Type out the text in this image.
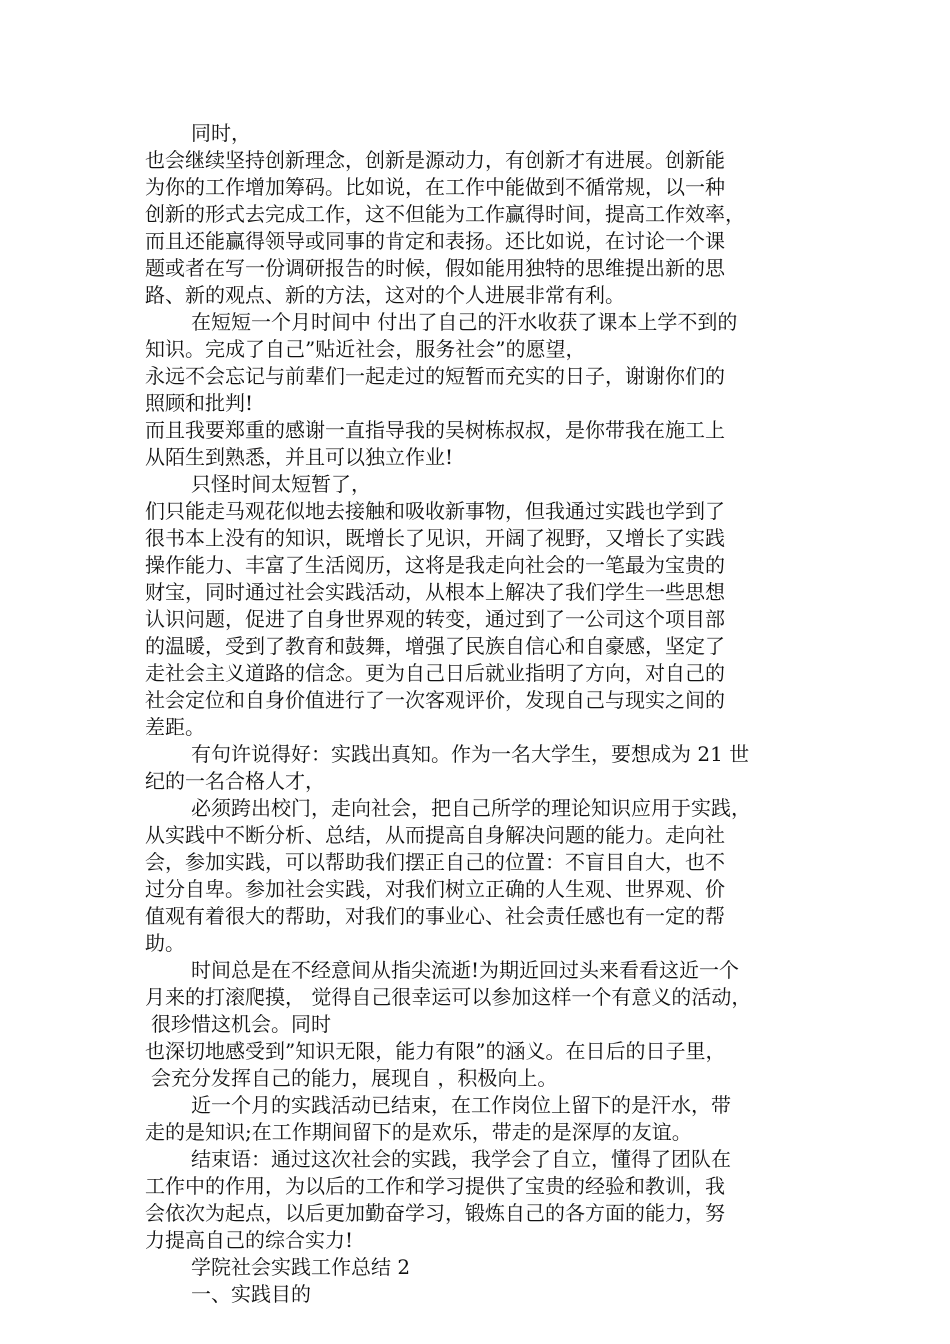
同时，
也会继续坚持创新理念，创新是源动力，有创新才有进展。创新能
为你的工作增加筹码。比如说，在工作中能做到不循常规，以一种
创新的形式去完成工作，这不但能为工作赢得时间，提高工作效率，
而且还能赢得领导或同事的肯定和表扬。还比如说，在讨论一个课
题或者在写一份调研报告的时候，假如能用独特的思维提出新的思
路、新的观点、新的方法，这对的个人进展非常有利。
在短短一个月时间中 付出了自己的汗水收获了课本上学不到的
知识。完成了自己”贴近社会，服务社会”的愿望，
永远不会忘记与前辈们一起走过的短暂而充实的日子，谢谢你们的
照顾和批判!
而且我要郑重的感谢一直指导我的吴树栋叔叔，是你带我在施工上
从陌生到熟悉，并且可以独立作业!
只怪时间太短暂了，
们只能走马观花似地去接触和吸收新事物，但我通过实践也学到了
很书本上没有的知识，既增长了见识，开阔了视野，又增长了实践
操作能力、丰富了生活阅历，这将是我走向社会的一笔最为宝贵的
财宝，同时通过社会实践活动，从根本上解决了我们学生一些思想
认识问题，促进了自身世界观的转变，通过到了一公司这个项目部
的温暖，受到了教育和鼓舞，增强了民族自信心和自豪感，坚定了
走社会主义道路的信念。更为自己日后就业指明了方向，对自己的
社会定位和自身价值进行了一次客观评价，发现自己与现实之间的
差距。
有句许说得好：实践出真知。作为一名大学生，要想成为 21 世
纪的一名合格人才，
必须跨出校门，走向社会，把自己所学的理论知识应用于实践，
从实践中不断分析、总结，从而提高自身解决问题的能力。走向社
会，参加实践，可以帮助我们摆正自己的位置：不盲目自大，也不
过分自卑。参加社会实践，对我们树立正确的人生观、世界观、价
值观有着很大的帮助，对我们的事业心、社会责任感也有一定的帮
助。
时间总是在不经意间从指尖流逝!为期近回过头来看看这近一个
月来的打滚爬摸， 觉得自己很幸运可以参加这样一个有意义的活动，
很珍惜这机会。同时
也深切地感受到”知识无限，能力有限”的涵义。在日后的日子里，
会充分发挥自己的能力，展现自 ，积极向上。
近一个月的实践活动已结束，在工作岗位上留下的是汗水，带
走的是知识;在工作期间留下的是欢乐，带走的是深厚的友谊。
结束语：通过这次社会的实践，我学会了自立，懂得了团队在
工作中的作用，为以后的工作和学习提供了宝贵的经验和教训，我
会依次为起点，以后更加勤奋学习，锻炼自己的各方面的能力，努
力提高自己的综合实力!
学院社会实践工作总结 2
一、实践目的
